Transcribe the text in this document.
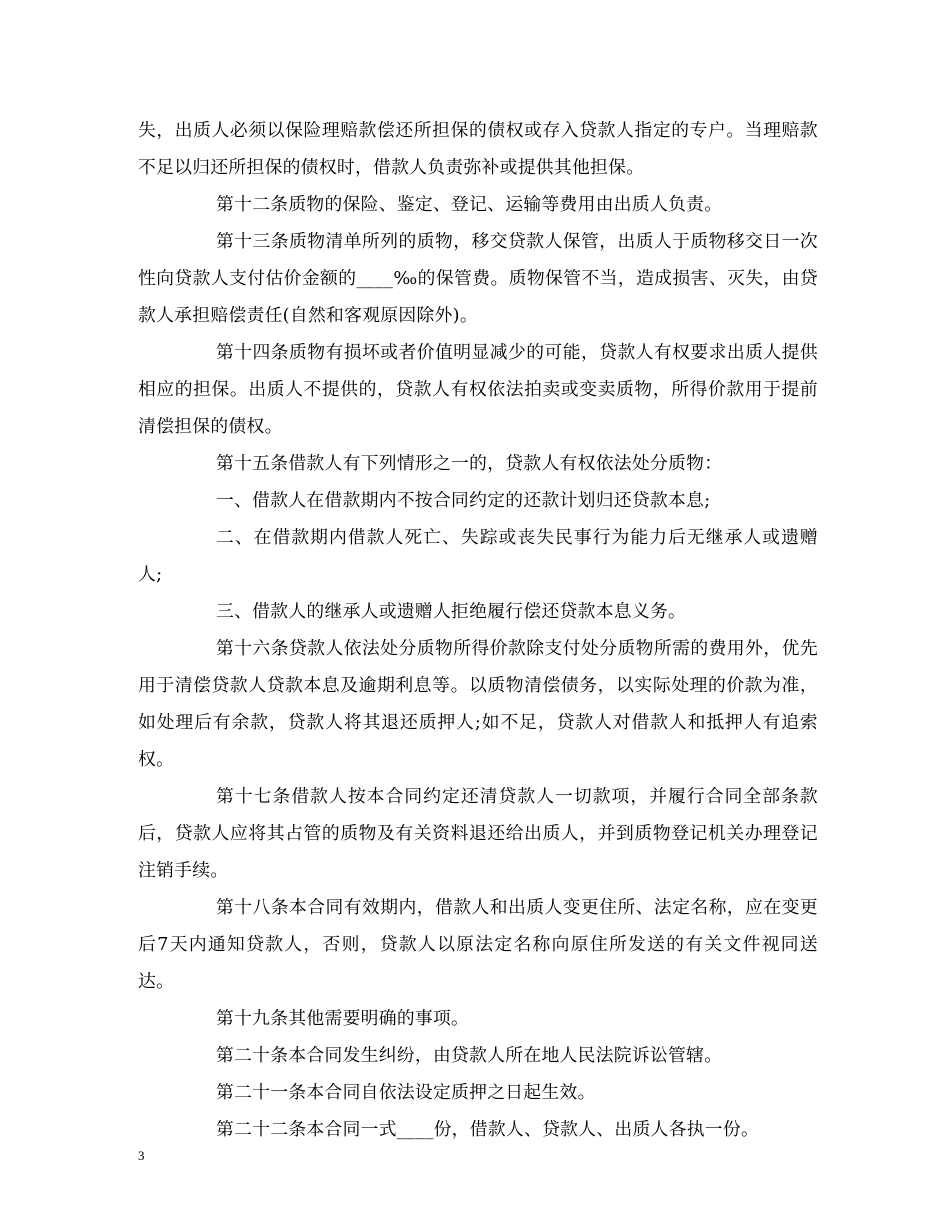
失，出质人必须以保险理赔款偿还所担保的债权或存入贷款人指定的专户。当理赔款不足以归还所担保的债权时，借款人负责弥补或提供其他担保。

第十二条质物的保险、鉴定、登记、运输等费用由出质人负责。

第十三条质物清单所列的质物，移交贷款人保管，出质人于质物移交日一次性向贷款人支付估价金额的____‰的保管费。质物保管不当，造成损害、灭失，由贷款人承担赔偿责任(自然和客观原因除外)。

第十四条质物有损坏或者价值明显减少的可能，贷款人有权要求出质人提供相应的担保。出质人不提供的，贷款人有权依法拍卖或变卖质物，所得价款用于提前清偿担保的债权。

第十五条借款人有下列情形之一的，贷款人有权依法处分质物：

一、借款人在借款期内不按合同约定的还款计划归还贷款本息;

二、在借款期内借款人死亡、失踪或丧失民事行为能力后无继承人或遗赠人;

三、借款人的继承人或遗赠人拒绝履行偿还贷款本息义务。

第十六条贷款人依法处分质物所得价款除支付处分质物所需的费用外，优先用于清偿贷款人贷款本息及逾期利息等。以质物清偿债务，以实际处理的价款为准，如处理后有余款，贷款人将其退还质押人;如不足，贷款人对借款人和抵押人有追索权。

第十七条借款人按本合同约定还清贷款人一切款项，并履行合同全部条款后，贷款人应将其占管的质物及有关资料退还给出质人，并到质物登记机关办理登记注销手续。

第十八条本合同有效期内，借款人和出质人变更住所、法定名称，应在变更后7天内通知贷款人，否则，贷款人以原法定名称向原住所发送的有关文件视同送达。

第十九条其他需要明确的事项。

第二十条本合同发生纠纷，由贷款人所在地人民法院诉讼管辖。

第二十一条本合同自依法设定质押之日起生效。

第二十二条本合同一式____份，借款人、贷款人、出质人各执一份。

3
